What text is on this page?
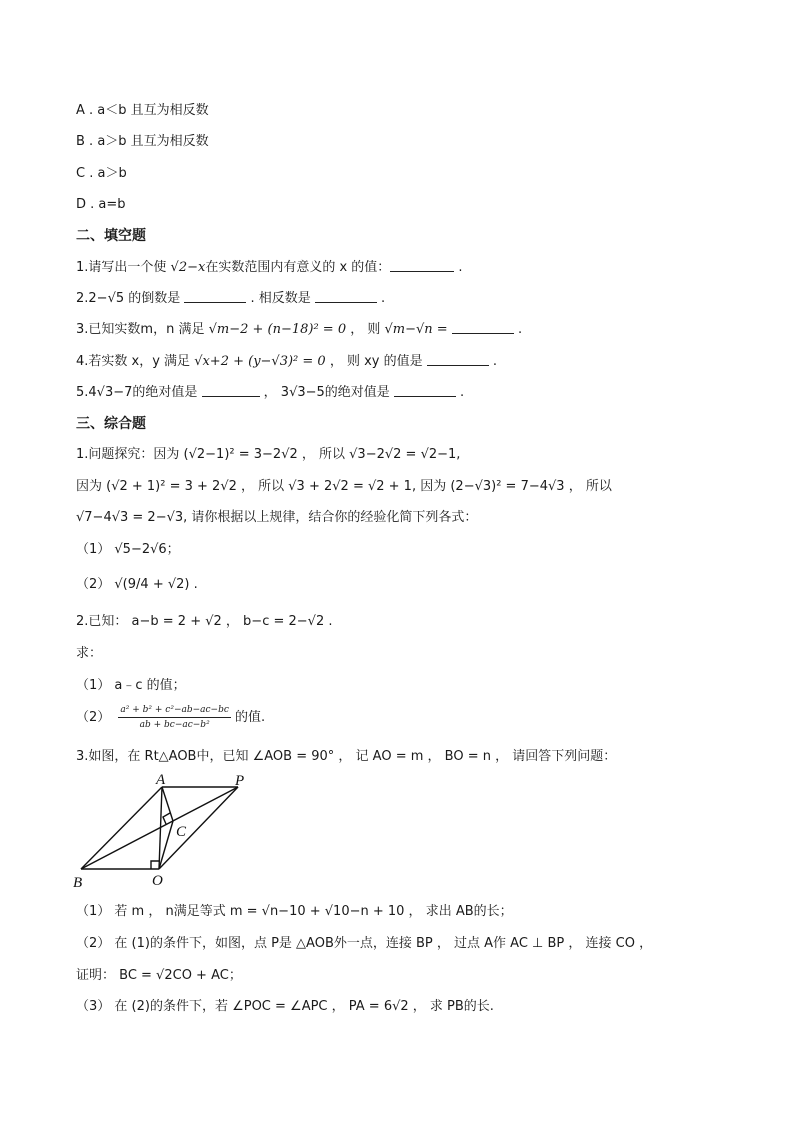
A . a＜b 且互为相反数
B . a＞b 且互为相反数
C . a＞b
D . a=b
二、填空题
1.请写出一个使 √2−x在实数范围内有意义的 x 的值：	.
2.2−√5 的倒数是	. 相反数是	.
3.已知实数m，n 满足 √m−2 + (n−18)² = 0 ， 则 √m−√n =	.
4.若实数 x，y 满足 √x+2 + (y−√3)² = 0 ， 则 xy 的值是	.
5.4√3−7的绝对值是	， 3√3−5的绝对值是	.
三、综合题
1.问题探究：因为 (√2−1)² = 3−2√2 ， 所以 √3−2√2 = √2−1,
因为 (√2 + 1)² = 3 + 2√2 ， 所以 √3 + 2√2 = √2 + 1, 因为 (2−√3)² = 7−4√3 ， 所以
√7−4√3 = 2−√3, 请你根据以上规律，结合你的经验化简下列各式：
（1） √5−2√6；
（2） √(9/4 + √2) .
2.已知： a−b = 2 + √2 ， b−c = 2−√2 .
求：
（1） a﹣c 的值；
$(2) \frac{\text{a² + b² + c²−ab−ac−bc}}{\text{ab + bc−ac−b²}}$ 的值.
3.如图，在 Rt△AOB中，已知 ∠AOB = 90° ， 记 AO = m ， BO = n ， 请回答下列问题：
A	P
C
B	O
（1） 若 m ， n满足等式 m = √n−10 + √10−n + 10 ， 求出 AB的长；
（2） 在 (1)的条件下，如图，点 P是 △AOB外一点，连接 BP ， 过点 A作 AC ⊥ BP ， 连接 CO ，
证明： BC = √2CO + AC；
（3） 在 (2)的条件下，若 ∠POC = ∠APC ， PA = 6√2 ， 求 PB的长.
